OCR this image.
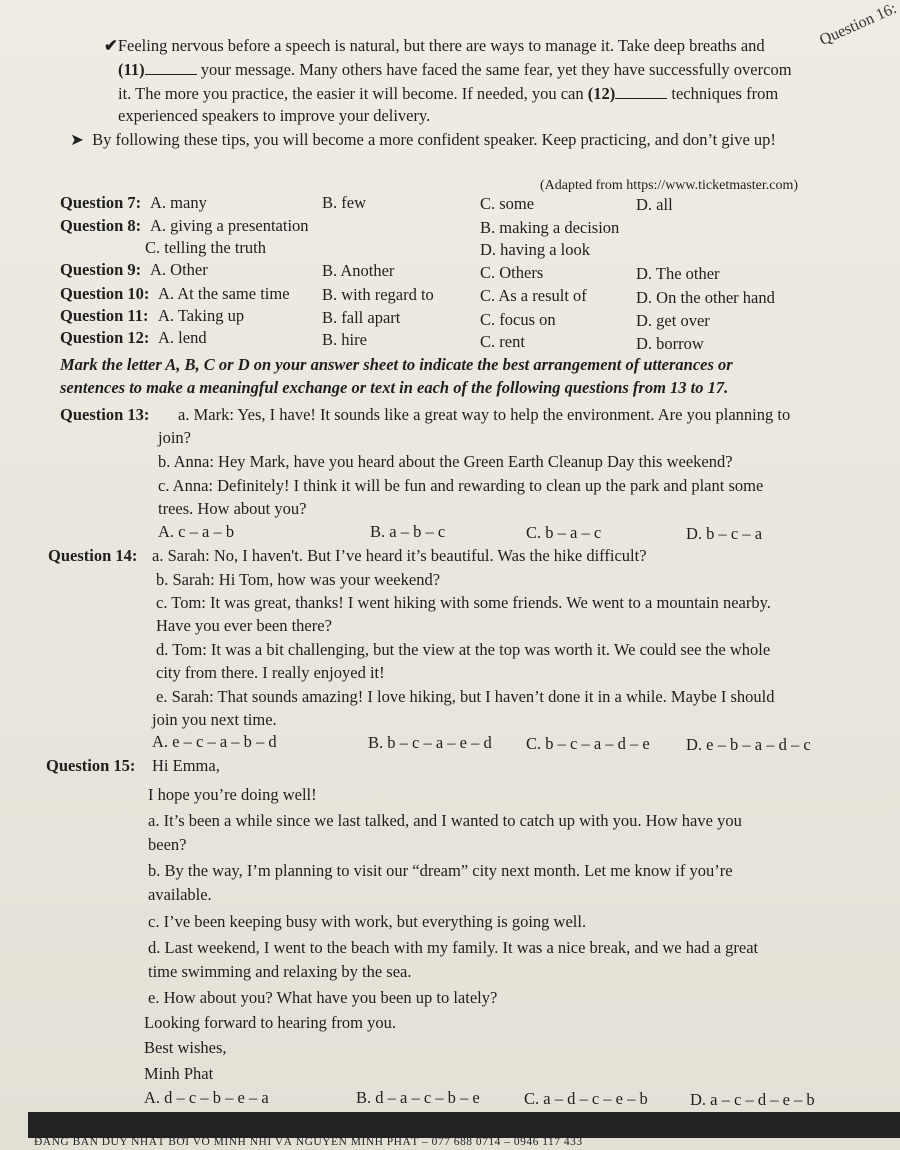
Question 16:
✔Feeling nervous before a speech is natural, but there are ways to manage it. Take deep breaths and
(11)	your message. Many others have faced the same fear, yet they have successfully overcom
it. The more you practice, the easier it will become. If needed, you can (12)	techniques from
experienced speakers to improve your delivery.
➤ By following these tips, you will become a more confident speaker. Keep practicing, and don’t give up!
(Adapted from https://www.ticketmaster.com)
Question 7: A. many	B. few	C. some	D. all
Question 8: A. giving a presentation	B. making a decision
C. telling the truth	D. having a look
Question 9: A. Other	B. Another	C. Others	D. The other
Question 10: A. At the same time B. with regard to	C. As a result of	D. On the other hand
Question 11: A. Taking up	B. fall apart	C. focus on	D. get over
Question 12: A. lend	B. hire	C. rent	D. borrow
Mark the letter A, B, C or D on your answer sheet to indicate the best arrangement of utterances or
sentences to make a meaningful exchange or text in each of the following questions from 13 to 17.
Question 13: a. Mark: Yes, I have! It sounds like a great way to help the environment. Are you planning to
join?
b. Anna: Hey Mark, have you heard about the Green Earth Cleanup Day this weekend?
c. Anna: Definitely! I think it will be fun and rewarding to clean up the park and plant some
trees. How about you?
A. c – a – b	B. a – b – c	C. b – a – c	D. b – c – a
Question 14: a. Sarah: No, I haven't. But I’ve heard it’s beautiful. Was the hike difficult?
b. Sarah: Hi Tom, how was your weekend?
c. Tom: It was great, thanks! I went hiking with some friends. We went to a mountain nearby.
Have you ever been there?
d. Tom: It was a bit challenging, but the view at the top was worth it. We could see the whole
city from there. I really enjoyed it!
e. Sarah: That sounds amazing! I love hiking, but I haven’t done it in a while. Maybe I should
join you next time.
A. e – c – a – b – d	B. b – c – a – e – d C. b – c – a – d – e D. e – b – a – d – c
Question 15: Hi Emma,
I hope you’re doing well!
a. It’s been a while since we last talked, and I wanted to catch up with you. How have you
been?
b. By the way, I’m planning to visit our “dream” city next month. Let me know if you’re
available.
c. I’ve been keeping busy with work, but everything is going well.
d. Last weekend, I went to the beach with my family. It was a nice break, and we had a great
time swimming and relaxing by the sea.
e. How about you? What have you been up to lately?
Looking forward to hearing from you.
Best wishes,
Minh Phat
A. d – c – b – e – a	B. d – a – c – b – e	C. a – d – c – e – b	D. a – c – d – e – b
ĐĂNG BẢN DUY NHẤT BỞI VÕ MINH NHÍ VÀ NGUYỄN MINH PHÁT – 077 688 0714 – 0946 117 433
